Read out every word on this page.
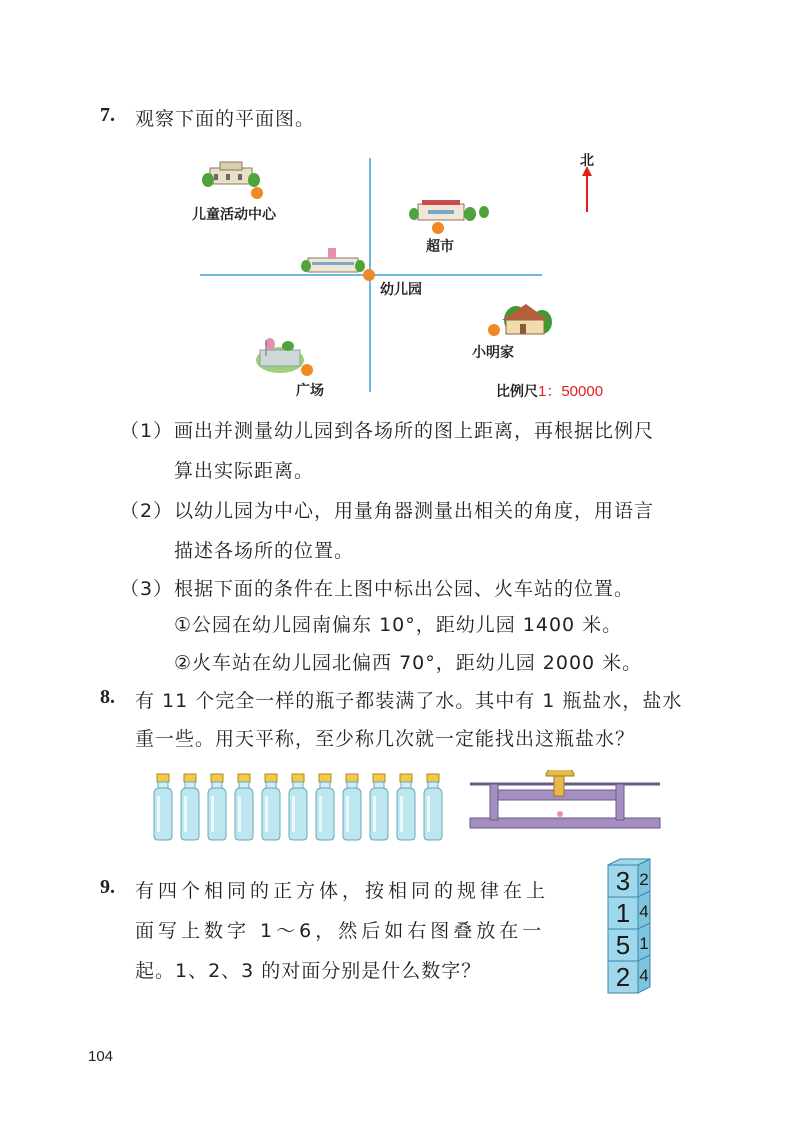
7. 观察下面的平面图。
儿童活动中心
超市
幼儿园
小明家
广场
北
比例尺1：50000
（1） 画出并测量幼儿园到各场所的图上距离，再根据比例尺
算出实际距离。
（2） 以幼儿园为中心，用量角器测量出相关的角度，用语言
描述各场所的位置。
（3） 根据下面的条件在上图中标出公园、火车站的位置。
①公园在幼儿园南偏东 10°，距幼儿园 1400 米。
②火车站在幼儿园北偏西 70°，距幼儿园 2000 米。
8. 有 11 个完全一样的瓶子都装满了水。其中有 1 瓶盐水，盐水
重一些。用天平称，至少称几次就一定能找出这瓶盐水？
9. 有四个相同的正方体，按相同的规律在上
面写上数字 1～6，然后如右图叠放在一
起。1、2、3 的对面分别是什么数字？
3 2
1 4
5 1
2 4
104
